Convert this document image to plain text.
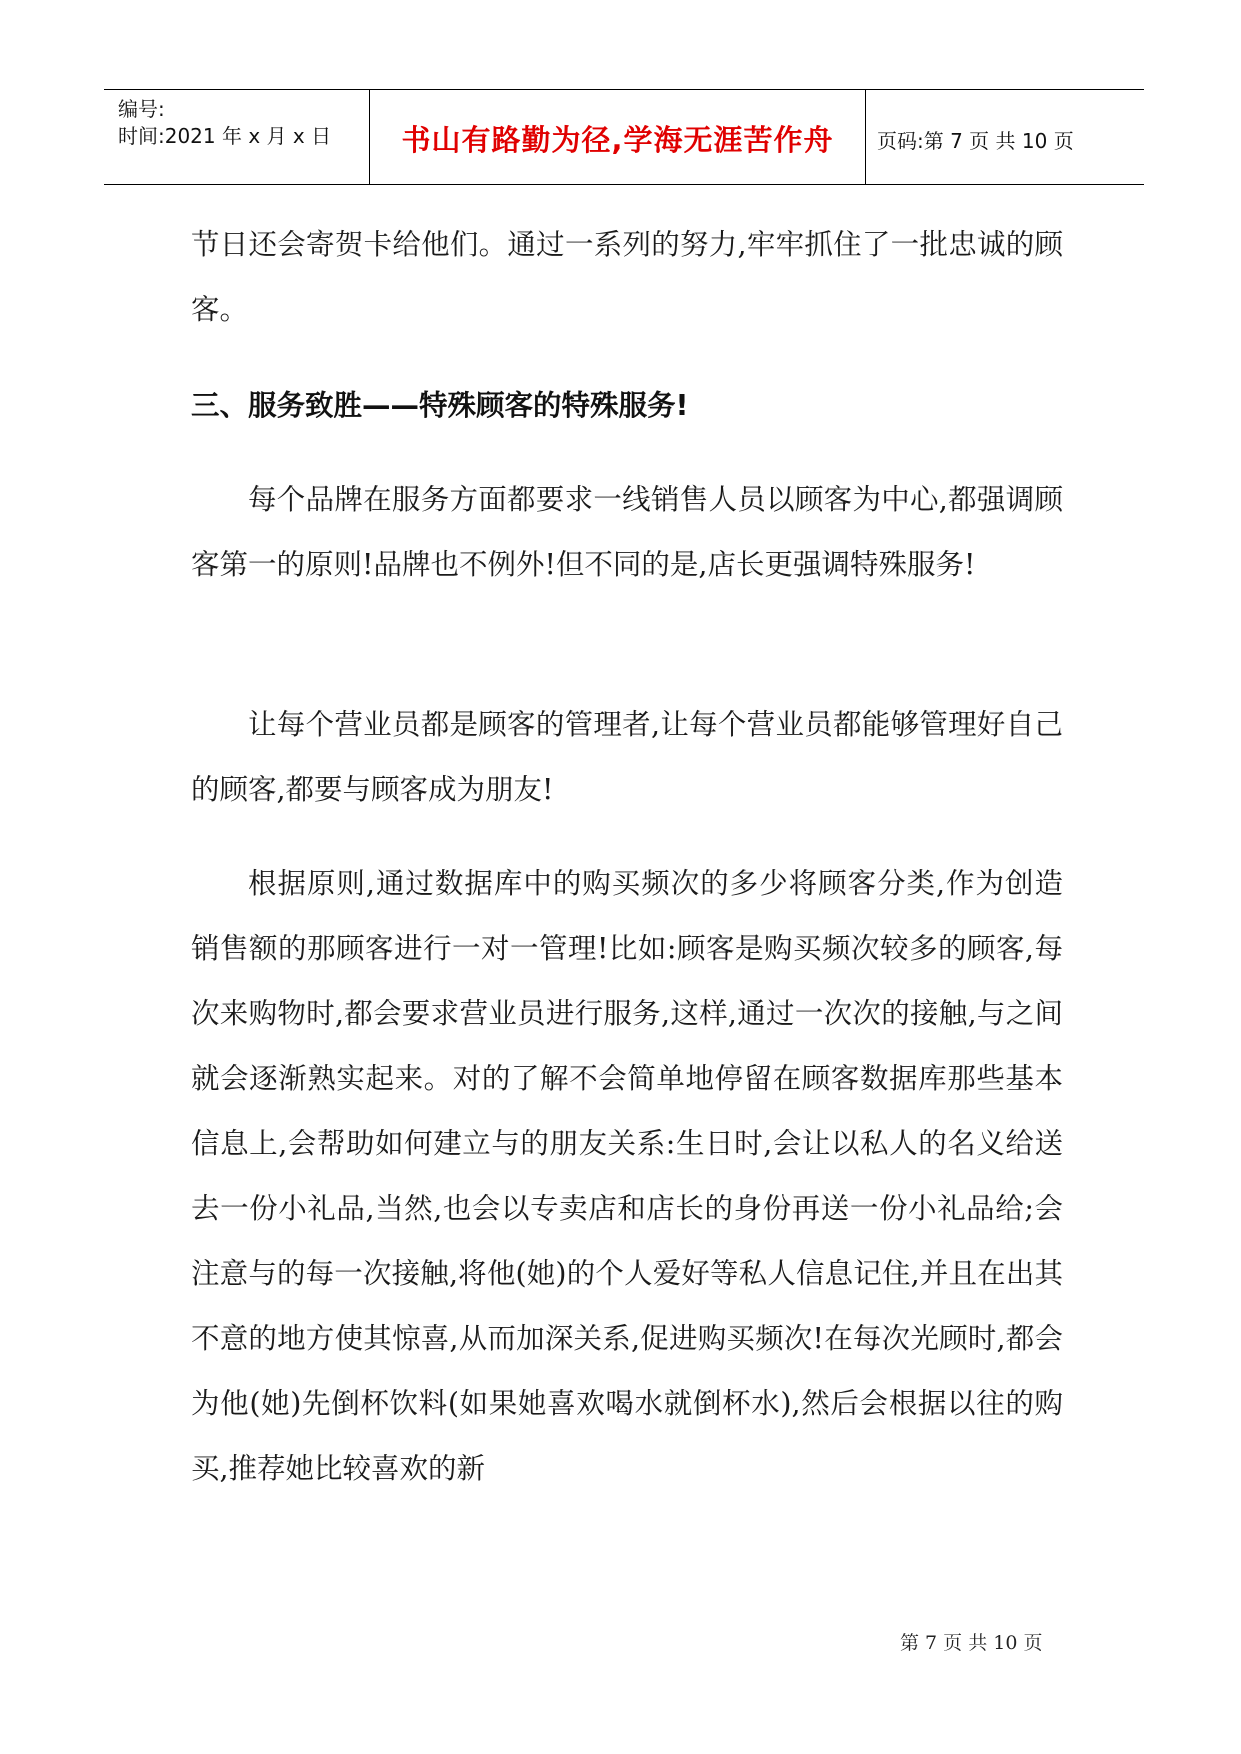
编号:
时间:2021 年 x 月 x 日	书山有路勤为径,学海无涯苦作舟	页码:第 7 页 共 10 页

节日还会寄贺卡给他们。通过一系列的努力,牢牢抓住了一批忠诚的顾客。

三、服务致胜——特殊顾客的特殊服务!

每个品牌在服务方面都要求一线销售人员以顾客为中心,都强调顾客第一的原则!品牌也不例外!但不同的是,店长更强调特殊服务!

让每个营业员都是顾客的管理者,让每个营业员都能够管理好自己的顾客,都要与顾客成为朋友!

根据原则,通过数据库中的购买频次的多少将顾客分类,作为创造销售额的那顾客进行一对一管理!比如:顾客是购买频次较多的顾客,每次来购物时,都会要求营业员进行服务,这样,通过一次次的接触,与之间就会逐渐熟实起来。对的了解不会简单地停留在顾客数据库那些基本信息上,会帮助如何建立与的朋友关系:生日时,会让以私人的名义给送去一份小礼品,当然,也会以专卖店和店长的身份再送一份小礼品给;会注意与的每一次接触,将他(她)的个人爱好等私人信息记住,并且在出其不意的地方使其惊喜,从而加深关系,促进购买频次!在每次光顾时,都会为他(她)先倒杯饮料(如果她喜欢喝水就倒杯水),然后会根据以往的购买,推荐她比较喜欢的新

第 7 页 共 10 页
